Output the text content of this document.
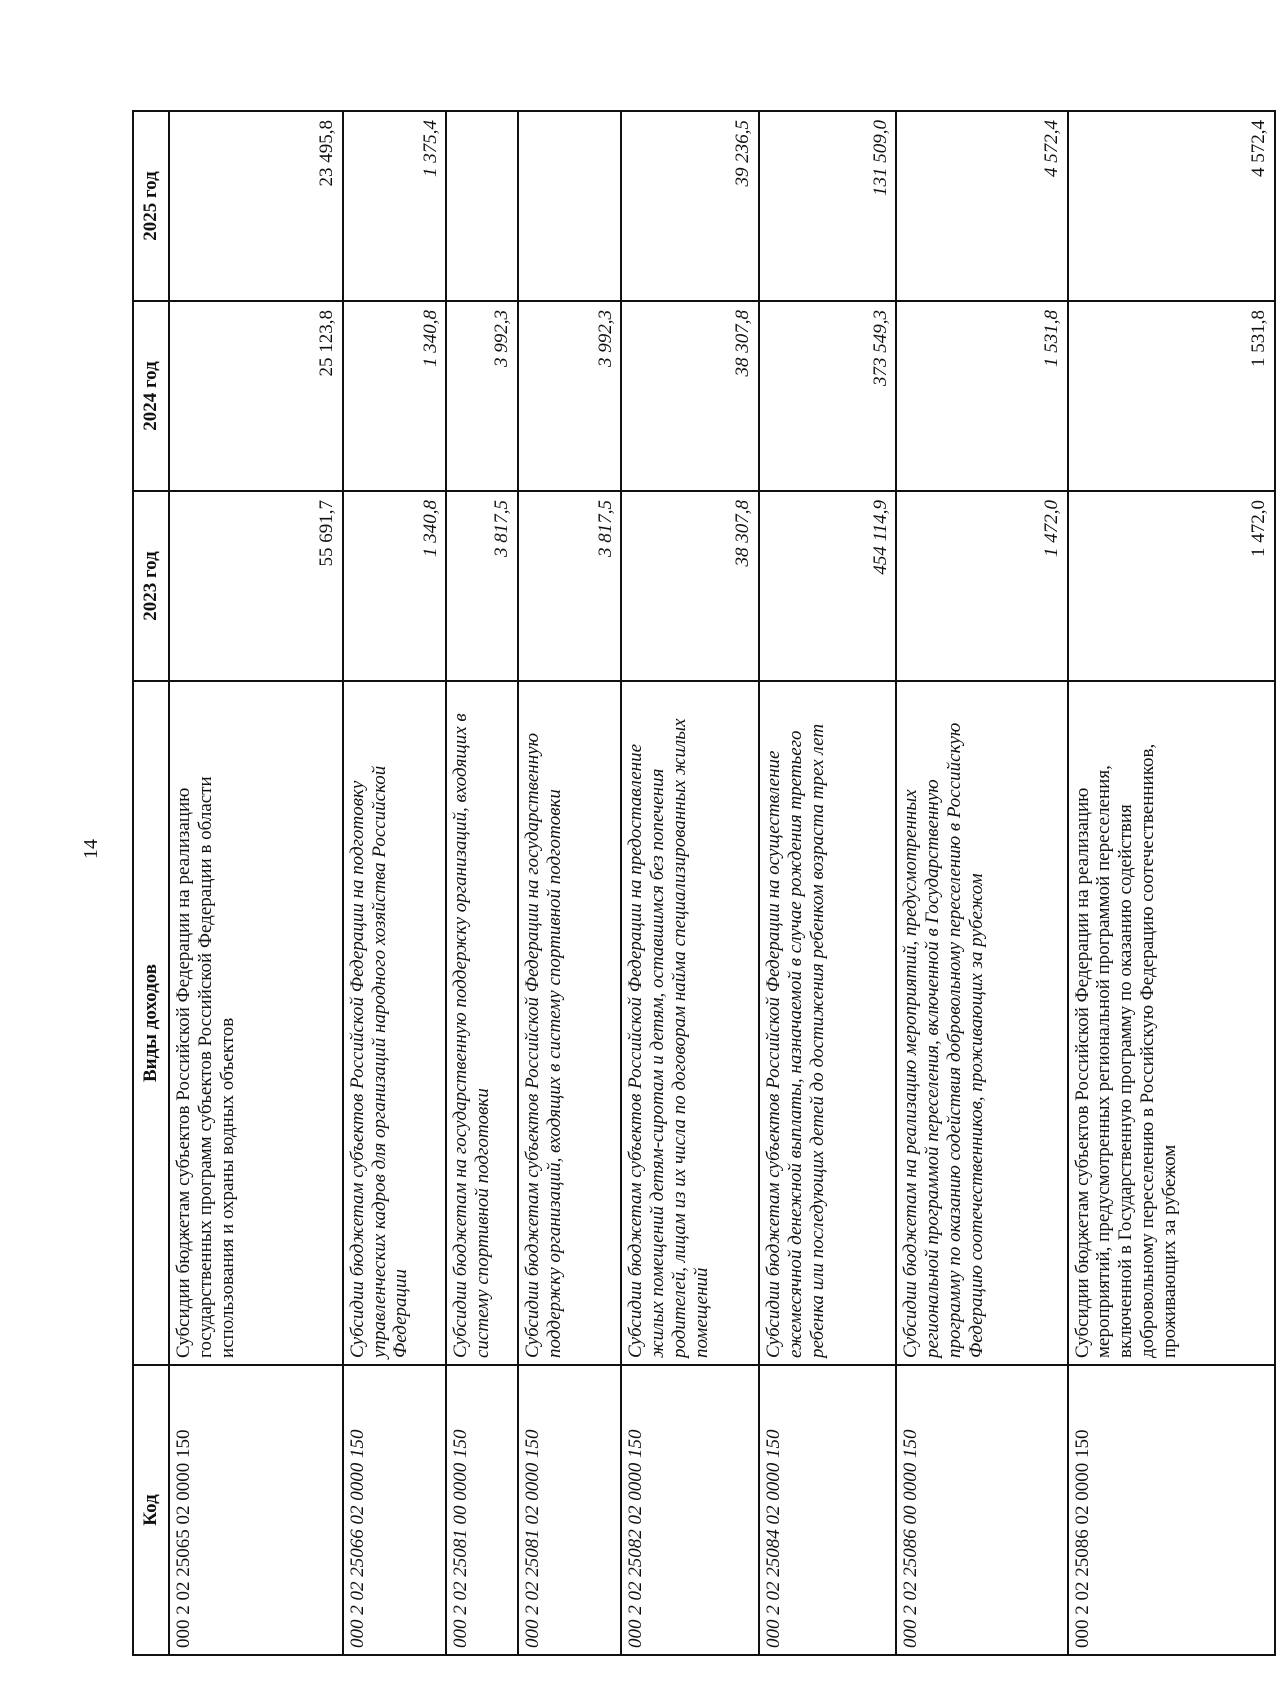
14
Код	Виды доходов	2023 год	2024 год	2025 год
000 2 02 25065 02 0000 150	Субсидии бюджетам субъектов Российской Федерации на реализацию государственных программ субъектов Российской Федерации в области использования и охраны водных объектов	55 691,7	25 123,8	23 495,8
000 2 02 25066 02 0000 150	Субсидии бюджетам субъектов Российской Федерации на подготовку управленческих кадров для организаций народного хозяйства Российской Федерации	1 340,8	1 340,8	1 375,4
000 2 02 25081 00 0000 150	Субсидии бюджетам на государственную поддержку организаций, входящих в систему спортивной подготовки	3 817,5	3 992,3	
000 2 02 25081 02 0000 150	Субсидии бюджетам субъектов Российской Федерации на государственную поддержку организаций, входящих в систему спортивной подготовки	3 817,5	3 992,3	
000 2 02 25082 02 0000 150	Субсидии бюджетам субъектов Российской Федерации на предоставление жилых помещений детям-сиротам и детям, оставшимся без попечения родителей, лицам из их числа по договорам найма специализированных жилых помещений	38 307,8	38 307,8	39 236,5
000 2 02 25084 02 0000 150	Субсидии бюджетам субъектов Российской Федерации на осуществление ежемесячной денежной выплаты, назначаемой в случае рождения третьего ребенка или последующих детей до достижения ребенком возраста трех лет	454 114,9	373 549,3	131 509,0
000 2 02 25086 00 0000 150	Субсидии бюджетам на реализацию мероприятий, предусмотренных региональной программой переселения, включенной в Государственную программу по оказанию содействия добровольному переселению в Российскую Федерацию соотечественников, проживающих за рубежом	1 472,0	1 531,8	4 572,4
000 2 02 25086 02 0000 150	Субсидии бюджетам субъектов Российской Федерации на реализацию мероприятий, предусмотренных региональной программой переселения, включенной в Государственную программу по оказанию содействия добровольному переселению в Российскую Федерацию соотечественников, проживающих за рубежом	1 472,0	1 531,8	4 572,4
